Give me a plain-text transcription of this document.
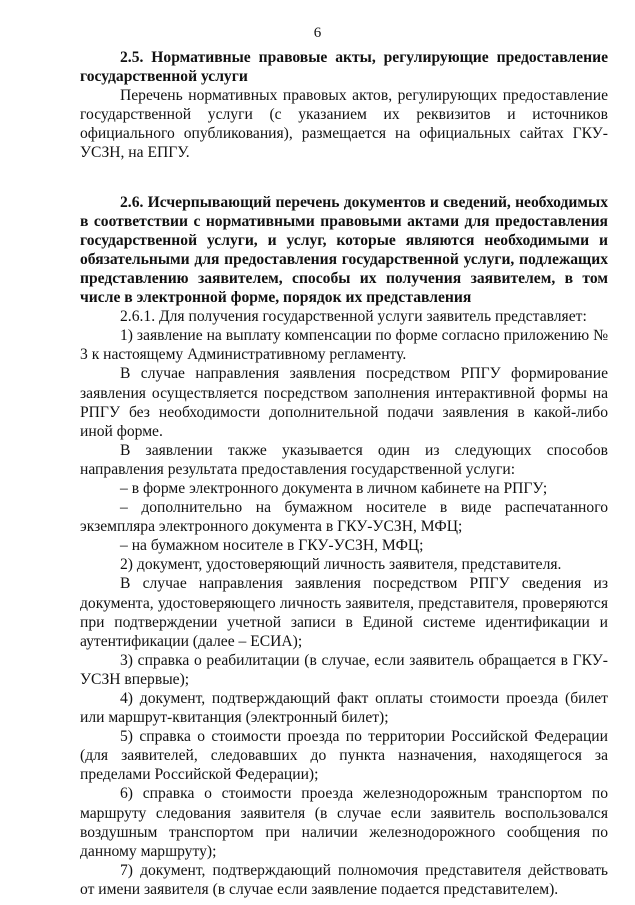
6

2.5. Нормативные правовые акты, регулирующие предоставление государственной услуги

Перечень нормативных правовых актов, регулирующих предоставление государственной услуги (с указанием их реквизитов и источников официального опубликования), размещается на официальных сайтах ГКУ-УСЗН, на ЕПГУ.

2.6. Исчерпывающий перечень документов и сведений, необходимых в соответствии с нормативными правовыми актами для предоставления государственной услуги, и услуг, которые являются необходимыми и обязательными для предоставления государственной услуги, подлежащих представлению заявителем, способы их получения заявителем, в том числе в электронной форме, порядок их представления

2.6.1. Для получения государственной услуги заявитель представляет:

1) заявление на выплату компенсации по форме согласно приложению № 3 к настоящему Административному регламенту.

В случае направления заявления посредством РПГУ формирование заявления осуществляется посредством заполнения интерактивной формы на РПГУ без необходимости дополнительной подачи заявления в какой-либо иной форме.

В заявлении также указывается один из следующих способов направления результата предоставления государственной услуги:

– в форме электронного документа в личном кабинете на РПГУ;

– дополнительно на бумажном носителе в виде распечатанного
экземпляра электронного документа в ГКУ-УСЗН, МФЦ;

– на бумажном носителе в ГКУ-УСЗН, МФЦ;

2) документ, удостоверяющий личность заявителя, представителя.

В случае направления заявления посредством РПГУ сведения из документа, удостоверяющего личность заявителя, представителя, проверяются при подтверждении учетной записи в Единой системе идентификации и аутентификации (далее – ЕСИА);

3) справка о реабилитации (в случае, если заявитель обращается в ГКУ-УСЗН впервые);

4) документ, подтверждающий факт оплаты стоимости проезда (билет или маршрут-квитанция (электронный билет);

5) справка о стоимости проезда по территории Российской Федерации (для заявителей, следовавших до пункта назначения, находящегося за пределами Российской Федерации);

6) справка о стоимости проезда железнодорожным транспортом по маршруту следования заявителя (в случае если заявитель воспользовался воздушным транспортом при наличии железнодорожного сообщения по данному маршруту);

7) документ, подтверждающий полномочия представителя действовать от имени заявителя (в случае если заявление подается представителем).
